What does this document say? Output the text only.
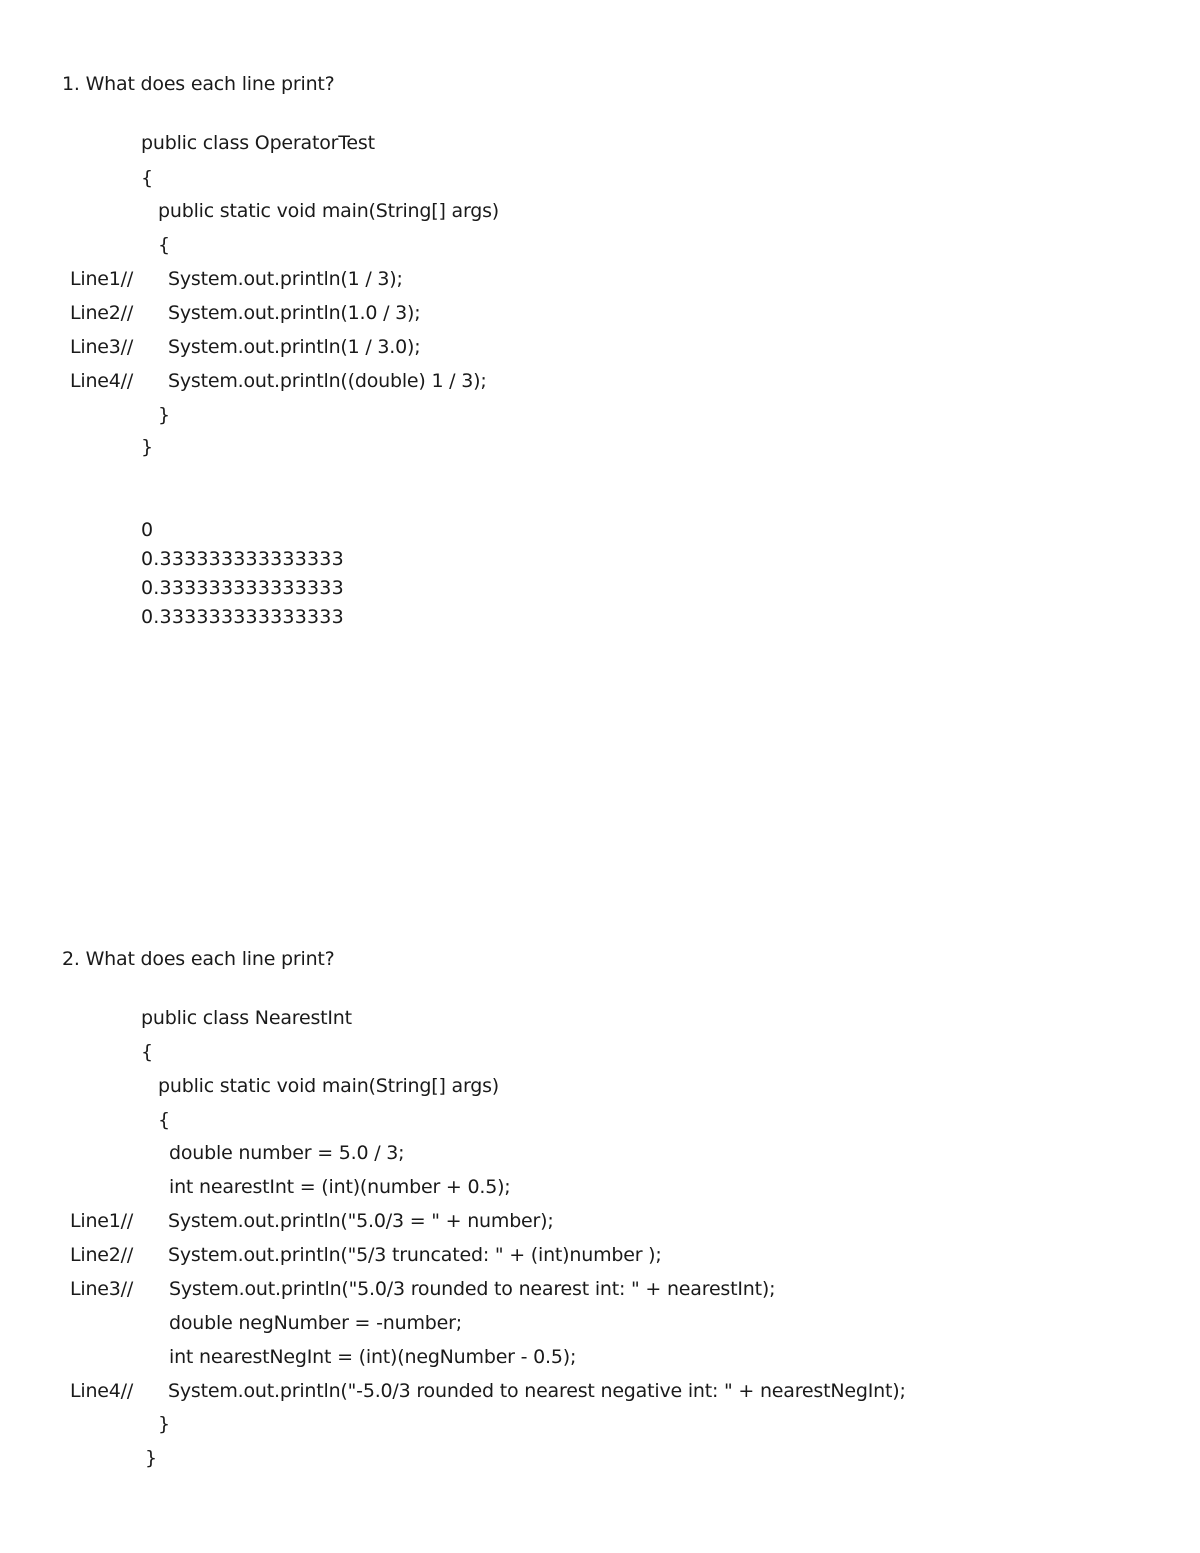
1. What does each line print?
public class OperatorTest
{
public static void main(String[] args)
{
Line1// System.out.println(1 / 3);
Line2// System.out.println(1.0 / 3);
Line3// System.out.println(1 / 3.0);
Line4// System.out.println((double) 1 / 3);
}
}
0
0.333333333333333
0.333333333333333
0.333333333333333
2. What does each line print?
public class NearestInt
{
public static void main(String[] args)
{
double number = 5.0 / 3;
int nearestInt = (int)(number + 0.5);
Line1// System.out.println("5.0/3 = " + number);
Line2// System.out.println("5/3 truncated: " + (int)number );
Line3// System.out.println("5.0/3 rounded to nearest int: " + nearestInt);
double negNumber = -number;
int nearestNegInt = (int)(negNumber - 0.5);
Line4// System.out.println("-5.0/3 rounded to nearest negative int: " + nearestNegInt);
}
}
